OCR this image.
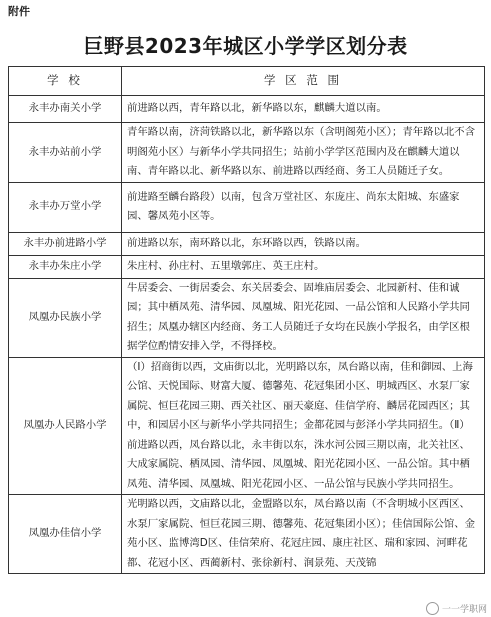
附件
巨野县2023年城区小学学区划分表
学 校	学 区 范 围
永丰办南关小学	前进路以西，青年路以北，新华路以东，麒麟大道以南。
永丰办站前小学	青年路以南，济菏铁路以北，新华路以东（含明阁苑小区）；青年路以北不含明阁苑小区）与新华小学共同招生；站前小学学区范围内及在麒麟大道以南、青年路以北、新华路以东、前进路以西经商、务工人员随迁子女。
永丰办万堂小学	前进路至麟台路段）以南，包含万堂社区、东庞庄、尚东太阳城、东盛家园、馨凤苑小区等。
永丰办前进路小学	前进路以东，南环路以北，东环路以西，铁路以南。
永丰办朱庄小学	朱庄村、孙庄村、五里墩郭庄、英王庄村。
凤凰办民族小学	牛居委会、一街居委会、东关居委会、固堆庙居委会、北园新村、佳和诚园；其中栖凤苑、清华园、凤凰城、阳光花园、一品公馆和人民路小学共同招生；凤凰办辖区内经商、务工人员随迁子女均在民族小学报名，由学区根据学位酌情安排入学，不得择校。
凤凰办人民路小学	（Ⅰ）招商街以西，文庙街以北，光明路以东，凤台路以南，佳和御园、上海公馆、天悦国际、财富大厦、德馨苑、花冠集团小区、明城西区、水泵厂家属院、恒巨花园三期、西关社区、丽天豪庭、佳信学府、麟居花园西区；其中，和园居小区与新华小学共同招生；金都花园与彭泽小学共同招生。（Ⅱ）前进路以西，凤台路以北，永丰街以东，洙水河公园三期以南，北关社区、大成家属院、栖凤园、清华园、凤凰城、阳光花园小区、一品公馆。其中栖凤苑、清华园、凤凰城、阳光花园小区、一品公馆与民族小学共同招生。
凤凰办佳信小学	光明路以西，文庙路以北，金盟路以东，凤台路以南（不含明城小区西区、水泵厂家属院、恒巨花园三期、德馨苑、花冠集团小区）；佳信国际公馆、金苑小区、监博湾D区、佳信荣府、花冠庄园、康庄社区、瑞和家园、河畔花都、花冠小区、西蔺新村、张徐新村、润景苑、天茂锦
一一学职网
